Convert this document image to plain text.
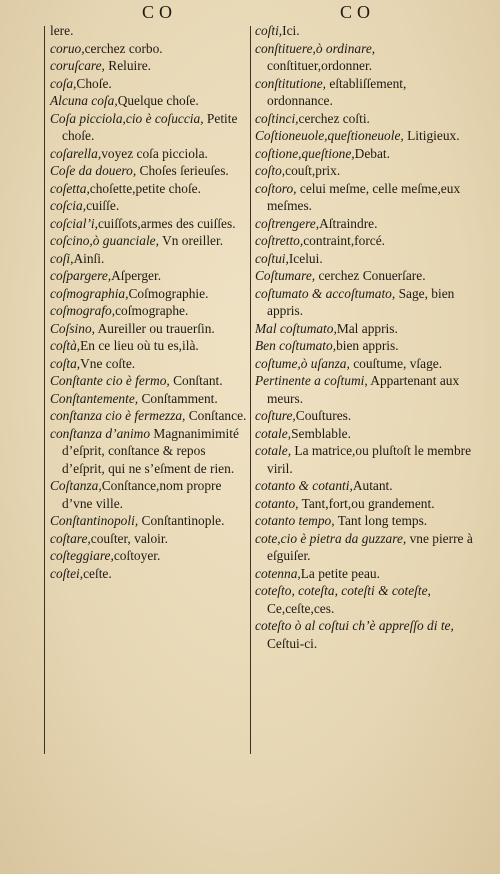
CO	CO

lere.

coruo,cerchez corbo.

coruſcare, Reluire.

coſa,Choſe.

Alcuna coſa,Quelque choſe.

Coſa picciola,cio è coſuccia, Petite choſe.

coſarella,voyez coſa picciola.

Coſe da douero, Choſes ſerieuſes.

coſetta,choſette,petite choſe.

coſcia,cuiſſe.

coſcial’i,cuiſſots,armes des cuiſſes.

coſcino,ò guanciale, Vn oreiller.

coſi,Ainſi.

coſpargere,Aſperger.

coſmographia,Coſmographie.

coſmografo,coſmographe.

Coſsino, Aureiller ou trauerſin.

coſtà,En ce lieu où tu es,ilà.

coſta,Vne coſte.

Conſtante cio è fermo, Conſtant.

Conſtantemente, Conſtamment.

conſtanza cio è fermezza, Conſtance.

conſtanza d’animo Magnanimimité d’eſprit, conſtance & repos d’eſprit, qui ne s’eſment de rien.

Coſtanza,Conſtance,nom propre d’vne ville.

Conſtantinopoli, Conſtantinople.

coſtare,couſter, valoir.

coſteggiare,coſtoyer.

coſtei,ceſte.

coſti,Ici.

conſtituere,ò ordinare, conſtituer,ordonner.

conſtitutione, eſtabliſſement, ordonnance.

coſtinci,cerchez coſti.

Coſtioneuole,queſtioneuole, Litigieux.

coſtione,queſtione,Debat.

coſto,couſt,prix.

coſtoro, celui meſme, celle meſme,eux meſmes.

coſtrengere,Aſtraindre.

coſtretto,contraint,forcé.

coſtui,Icelui.

Coſtumare, cerchez Conuerſare.

coſtumato & accoſtumato, Sage, bien appris.

Mal coſtumato,Mal appris.

Ben coſtumato,bien appris.

coſtume,ò uſanza, couſtume, vſage.

Pertinente a coſtumi, Appartenant aux meurs.

coſture,Couſtures.

cotale,Semblable.

cotale, La matrice,ou pluſtoſt le membre viril.

cotanto & cotanti,Autant.

cotanto, Tant,fort,ou grandement.

cotanto tempo, Tant long temps.

cote,cio è pietra da guzzare, vne pierre à eſguiſer.

cotenna,La petite peau.

coteſto, coteſta, coteſti & coteſte, Ce,ceſte,ces.

coteſto ò al coſtui ch’è appreſſo di te, Ceſtui-ci.
